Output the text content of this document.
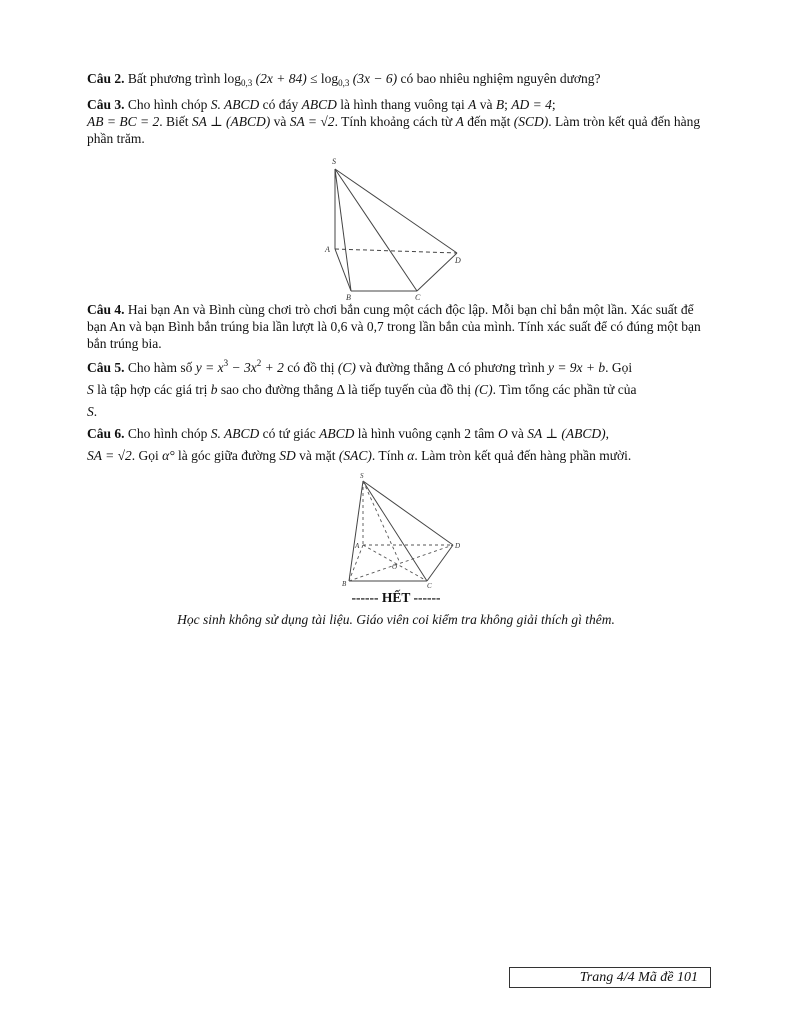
Câu 2. Bất phương trình $\log_{0,3} (2x + 84) \le \log_{0,3} (3x - 6)$ có bao nhiêu nghiệm nguyên dương?

Câu 3. Cho hình chóp S. ABCD có đáy ABCD là hình thang vuông tại A và B; AD = 4;
AB = BC = 2. Biết SA ⊥ (ABCD) và SA = √2. Tính khoảng cách từ A đến mặt (SCD). Làm tròn kết quả đến hàng phần trăm.

S
A
B	C
D

Câu 4. Hai bạn An và Bình cùng chơi trò chơi bắn cung một cách độc lập. Mỗi bạn chỉ bắn một lần. Xác suất để bạn An và bạn Bình bắn trúng bia lần lượt là 0,6 và 0,7 trong lần bắn của mình. Tính xác suất để có đúng một bạn bắn trúng bia.

Câu 5. Cho hàm số $y = x^3 - 3x^2 + 2$ có đồ thị (C) và đường thẳng Δ có phương trình y = 9x + b. Gọi
S là tập hợp các giá trị b sao cho đường thẳng Δ là tiếp tuyến của đồ thị (C). Tìm tổng các phần tử của
S.

Câu 6. Cho hình chóp S. ABCD có tứ giác ABCD là hình vuông cạnh 2 tâm O và SA ⊥ (ABCD),
SA = √2. Gọi α° là góc giữa đường SD và mặt (SAC). Tính α. Làm tròn kết quả đến hàng phần mười.

S
A
B	C
D
O
------ HẾT ------
Học sinh không sử dụng tài liệu. Giáo viên coi kiểm tra không giải thích gì thêm.
Trang 4/4 Mã đề 101
